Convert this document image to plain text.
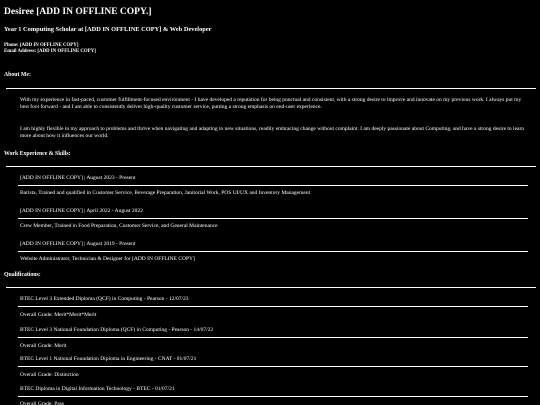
Desiree [ADD IN OFFLINE COPY.]
Year 1 Computing Scholar at [ADD IN OFFLINE COPY] & Web Developer

Phone: [ADD IN OFFLINE COPY]

Email Address: [ADD IN OFFLINE COPY]

About Me:

With my experience in fast-paced, customer fulfillment-focused environment - I have developed a reputation for being punctual and consistent, with a strong desire to improve and innovate on my previous work. I always put my best foot forward - and I am able to consistently deliver high-quality customer service, putting a strong emphasis on end-user experience.

I am highly flexible in my approach to problems and thrive when navigating and adapting to new situations, readily embracing change without complaint. I am deeply passionate about Computing, and have a strong desire to learn more about how it influences our world.

Work Experience & Skills:

[ADD IN OFFLINE COPY] | August 2023 - Present

Barista, Trained and qualified in Customer Service, Beverage Preparation, Janitorial Work, POS UI/UX and Inventory Management

[ADD IN OFFLINE COPY] | April 2022 - August 2022

Crew Member, Trained in Food Preparation, Customer Service, and General Maintenance

[ADD IN OFFLINE COPY] | August 2019 - Present

Website Administrator, Technician & Designer for [ADD IN OFFLINE COPY]

Qualifications:

BTEC Level 3 Extended Diploma (QCF) in Computing - Pearson - 12/07/23

Overall Grade: Merit*Merit*Merit

BTEC Level 3 National Foundation Diploma (QCF) in Computing - Pearson - 14/07/22

Overall Grade: Merit

BTEC Level 1 National Foundation Diploma in Engineering - CNAT - 01/07/21

Overall Grade: Distinction

BTEC Diploma in Digital Information Technology - BTEC - 01/07/21

Overall Grade: Pass
